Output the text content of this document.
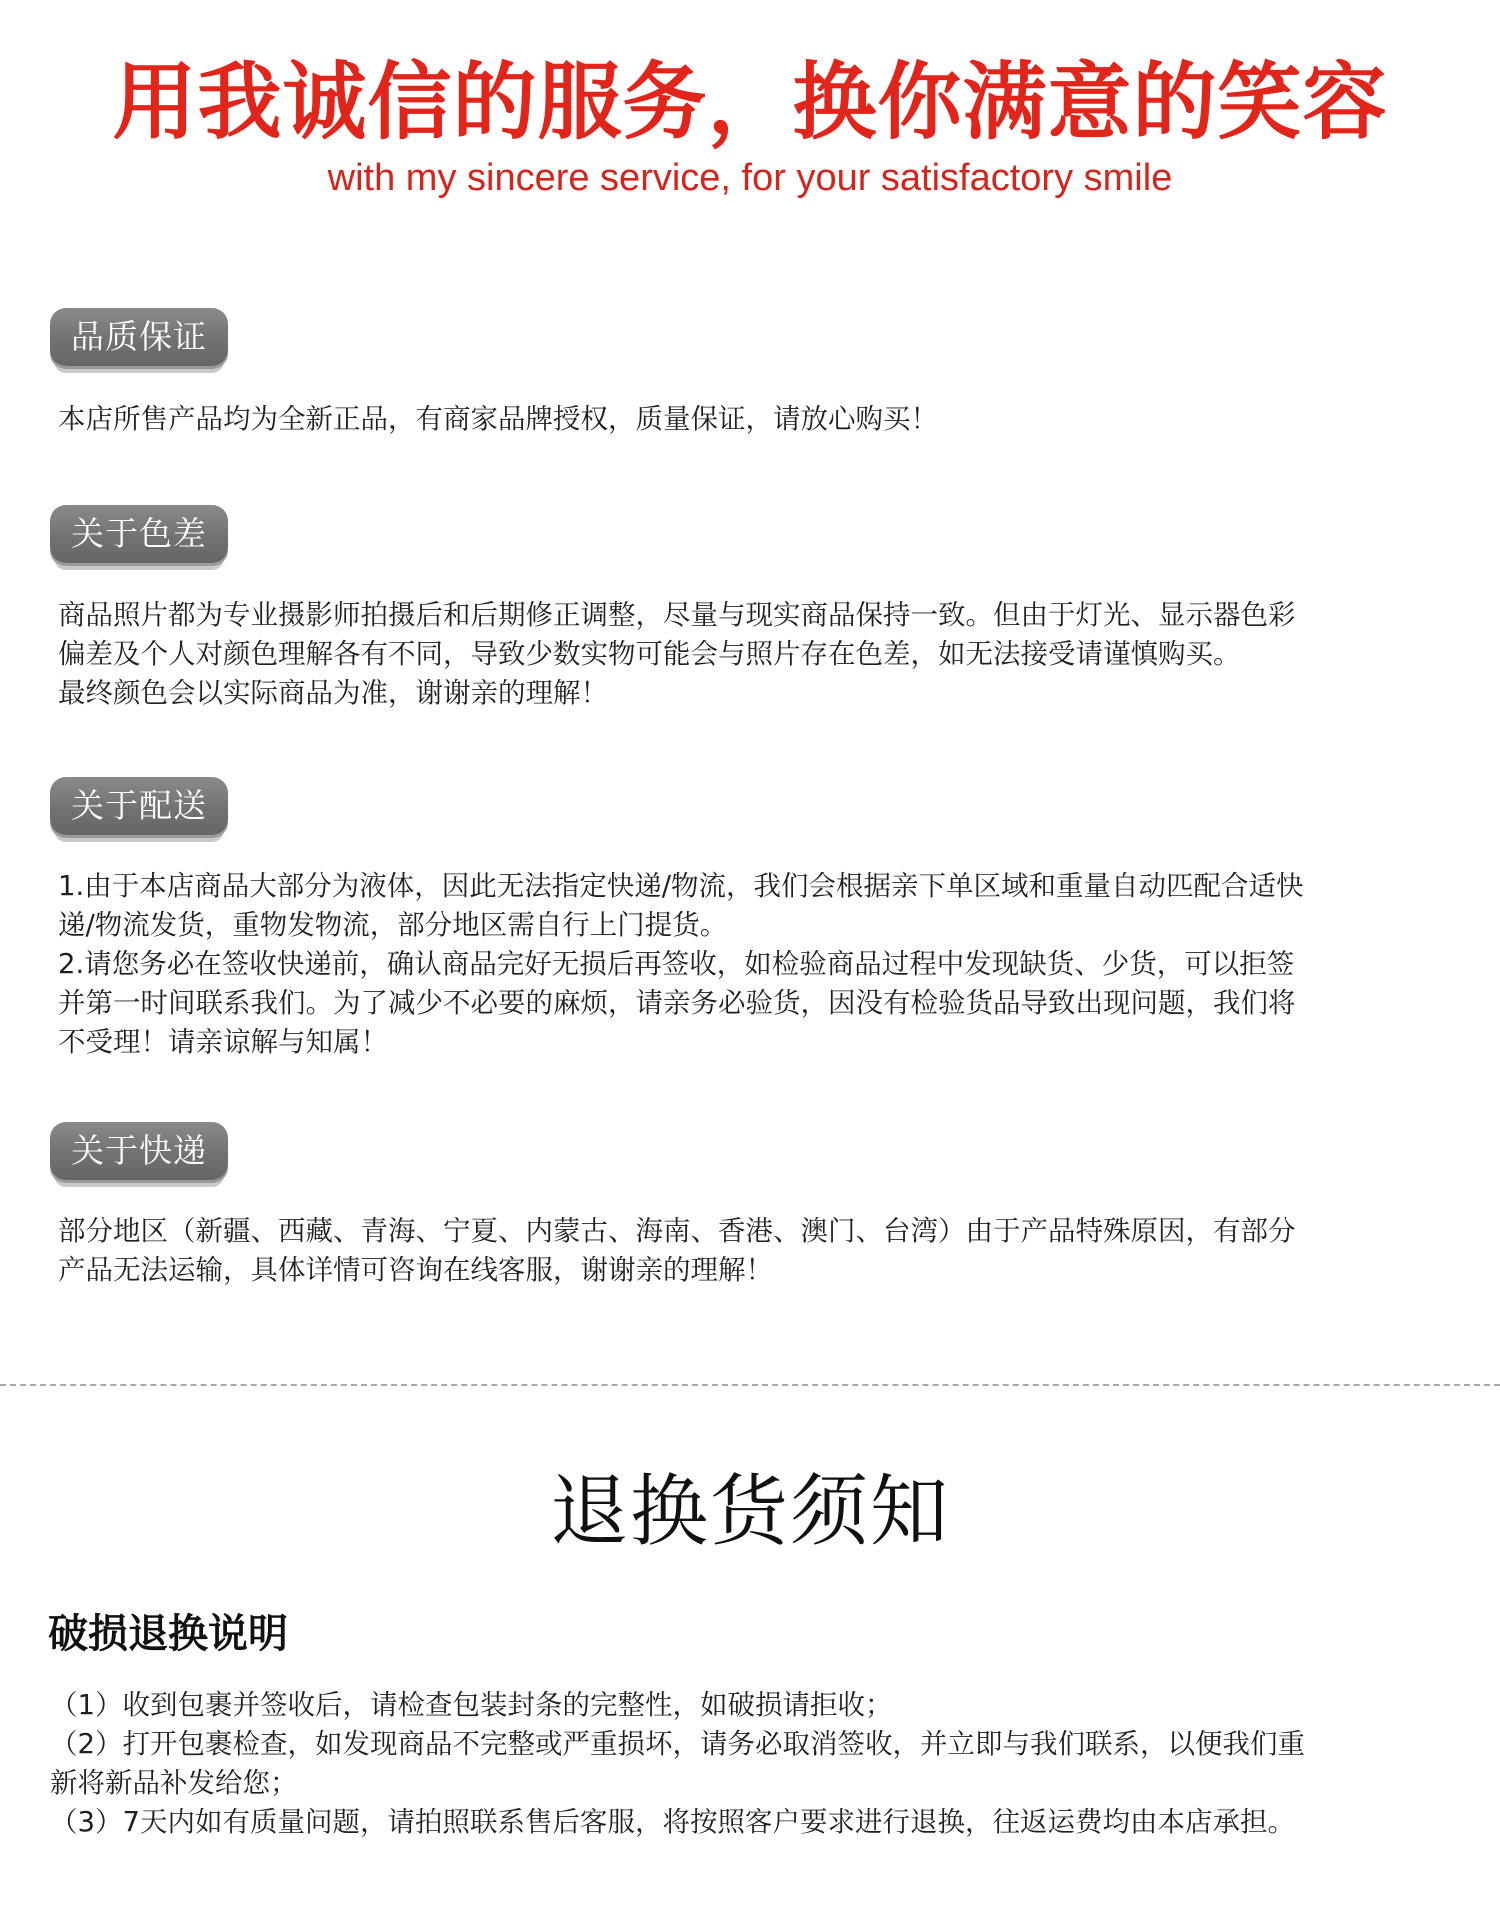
用我诚信的服务，换你满意的笑容

with my sincere service, for your satisfactory smile

品质保证
本店所售产品均为全新正品，有商家品牌授权，质量保证，请放心购买！
关于色差
商品照片都为专业摄影师拍摄后和后期修正调整，尽量与现实商品保持一致。但由于灯光、显示器色彩
偏差及个人对颜色理解各有不同，导致少数实物可能会与照片存在色差，如无法接受请谨慎购买。
最终颜色会以实际商品为准，谢谢亲的理解！
关于配送
1.由于本店商品大部分为液体，因此无法指定快递/物流，我们会根据亲下单区域和重量自动匹配合适快
递/物流发货，重物发物流，部分地区需自行上门提货。
2.请您务必在签收快递前，确认商品完好无损后再签收，如检验商品过程中发现缺货、少货，可以拒签
并第一时间联系我们。为了减少不必要的麻烦，请亲务必验货，因没有检验货品导致出现问题，我们将
不受理！请亲谅解与知属！
关于快递
部分地区（新疆、西藏、青海、宁夏、内蒙古、海南、香港、澳门、台湾）由于产品特殊原因，有部分
产品无法运输，具体详情可咨询在线客服，谢谢亲的理解！
退换货须知
破损退换说明
（1）收到包裹并签收后，请检查包装封条的完整性，如破损请拒收；
（2）打开包裹检查，如发现商品不完整或严重损坏，请务必取消签收，并立即与我们联系，以便我们重
新将新品补发给您；
（3）7天内如有质量问题，请拍照联系售后客服，将按照客户要求进行退换，往返运费均由本店承担。
